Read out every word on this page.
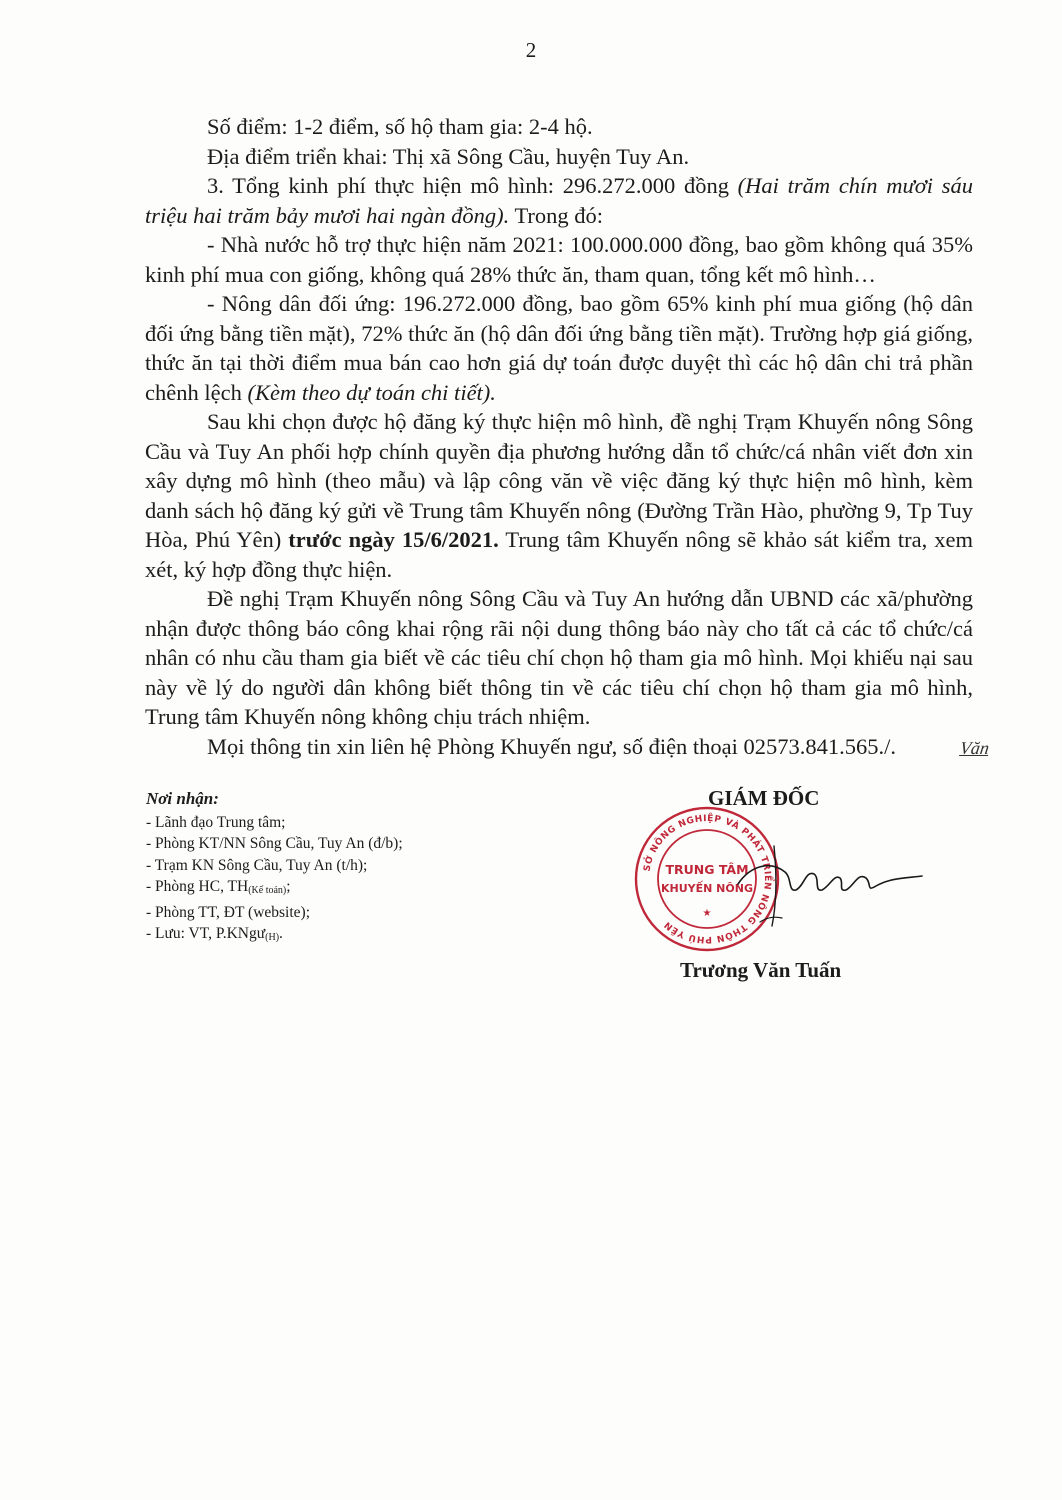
2

Số điểm: 1-2 điểm, số hộ tham gia: 2-4 hộ.

Địa điểm triển khai: Thị xã Sông Cầu, huyện Tuy An.

3. Tổng kinh phí thực hiện mô hình: 296.272.000 đồng (Hai trăm chín mươi sáu triệu hai trăm bảy mươi hai ngàn đồng). Trong đó:

- Nhà nước hỗ trợ thực hiện năm 2021: 100.000.000 đồng, bao gồm không quá 35% kinh phí mua con giống, không quá 28% thức ăn, tham quan, tổng kết mô hình…

- Nông dân đối ứng: 196.272.000 đồng, bao gồm 65% kinh phí mua giống (hộ dân đối ứng bằng tiền mặt), 72% thức ăn (hộ dân đối ứng bằng tiền mặt). Trường hợp giá giống, thức ăn tại thời điểm mua bán cao hơn giá dự toán được duyệt thì các hộ dân chi trả phần chênh lệch (Kèm theo dự toán chi tiết).

Sau khi chọn được hộ đăng ký thực hiện mô hình, đề nghị Trạm Khuyến nông Sông Cầu và Tuy An phối hợp chính quyền địa phương hướng dẫn tổ chức/cá nhân viết đơn xin xây dựng mô hình (theo mẫu) và lập công văn về việc đăng ký thực hiện mô hình, kèm danh sách hộ đăng ký gửi về Trung tâm Khuyến nông (Đường Trần Hào, phường 9, Tp Tuy Hòa, Phú Yên) trước ngày 15/6/2021. Trung tâm Khuyến nông sẽ khảo sát kiểm tra, xem xét, ký hợp đồng thực hiện.

Đề nghị Trạm Khuyến nông Sông Cầu và Tuy An hướng dẫn UBND các xã/phường nhận được thông báo công khai rộng rãi nội dung thông báo này cho tất cả các tổ chức/cá nhân có nhu cầu tham gia biết về các tiêu chí chọn hộ tham gia mô hình. Mọi khiếu nại sau này về lý do người dân không biết thông tin về các tiêu chí chọn hộ tham gia mô hình, Trung tâm Khuyến nông không chịu trách nhiệm.

Mọi thông tin xin liên hệ Phòng Khuyến ngư, số điện thoại 02573.841.565./.	Văn

Nơi nhận:
- Lãnh đạo Trung tâm;
- Phòng KT/NN Sông Cầu, Tuy An (đ/b);
- Trạm KN Sông Cầu, Tuy An (t/h);
- Phòng HC, $TH_{(Kế toán)}$;
- Phòng TT, ĐT (website);
- Lưu: VT, P.KNgư$_{(H)}$.
GIÁM ĐỐC
SỞ NÔNG NGHIỆP VÀ PHÁT TRIỂN NÔNG THÔN PHÚ YÊN
TRUNG TÂM
KHUYẾN NÔNG
★
Trương Văn Tuấn
